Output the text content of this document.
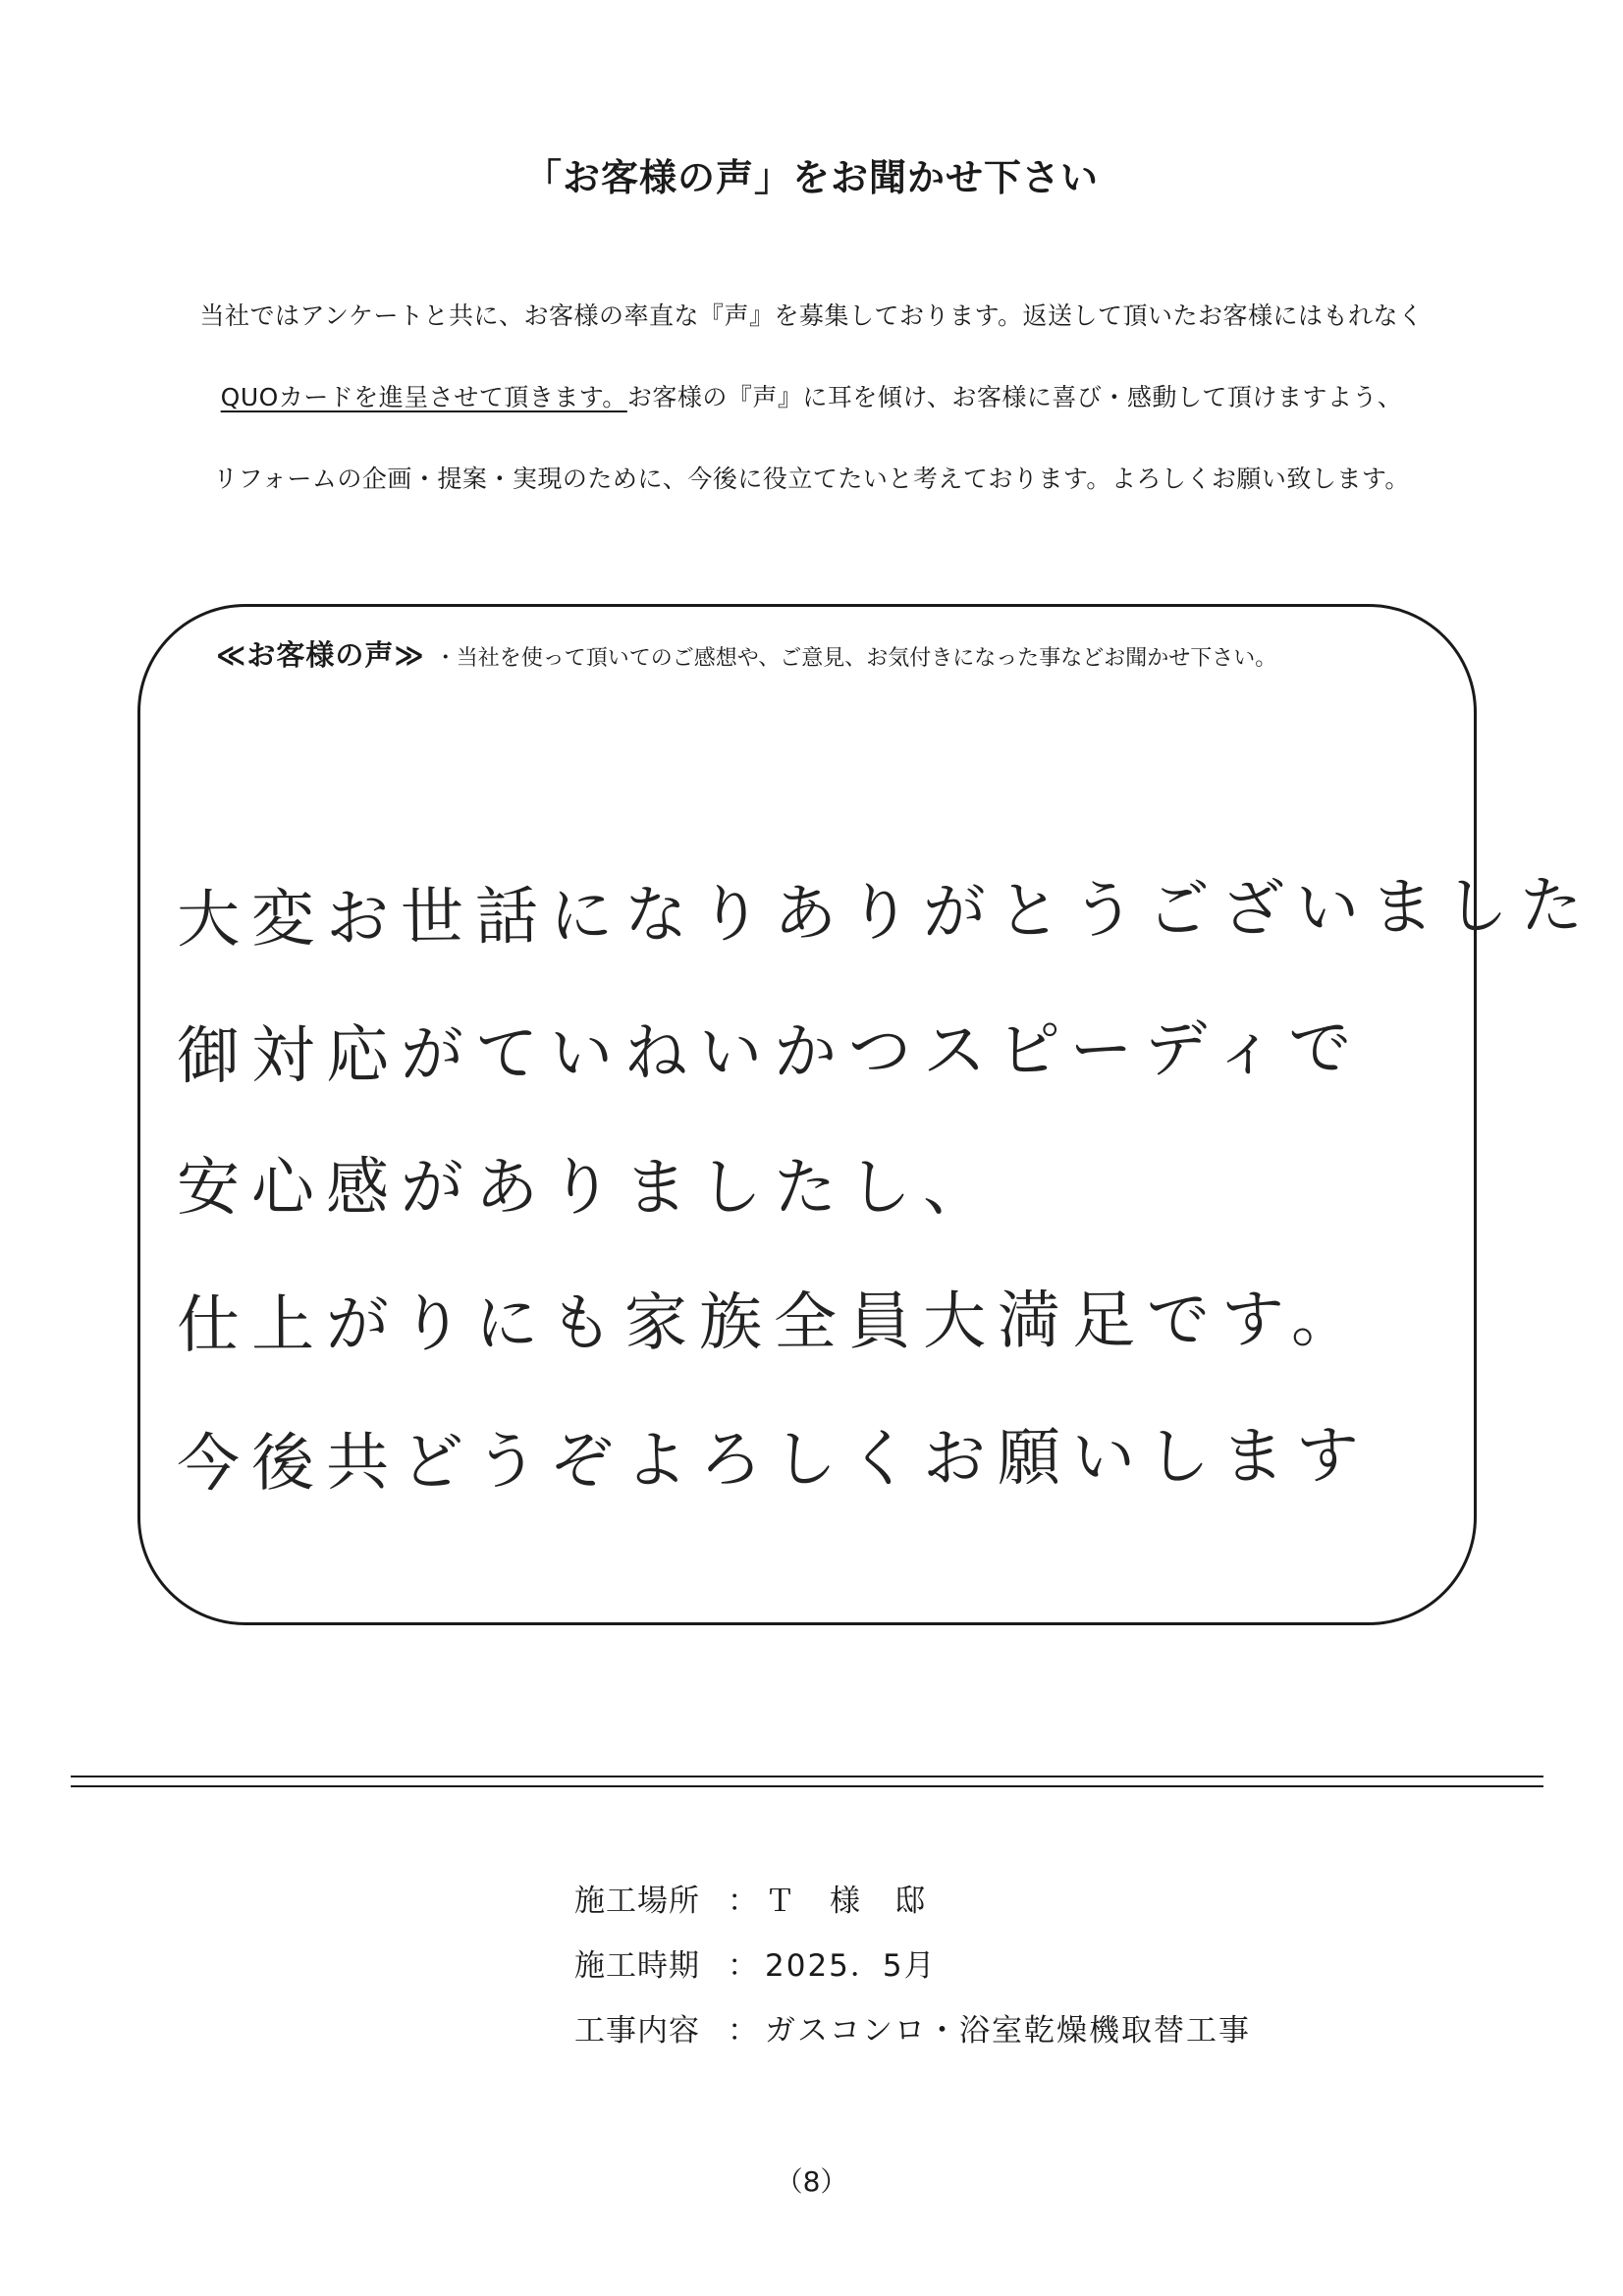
「お客様の声」をお聞かせ下さい
当社ではアンケートと共に、お客様の率直な『声』を募集しております。返送して頂いたお客様にはもれなく
QUOカードを進呈させて頂きます。お客様の『声』に耳を傾け、お客様に喜び・感動して頂けますよう、
リフォームの企画・提案・実現のために、今後に役立てたいと考えております。よろしくお願い致します。
≪お客様の声≫ ・当社を使って頂いてのご感想や、ご意見、お気付きになった事などお聞かせ下さい。
大変お世話になりありがとうございました
御対応がていねいかつスピーディで
安心感がありましたし、
仕上がりにも家族全員大満足です。
今後共どうぞよろしくお願いします
施工場所 ： Ｔ　様　邸
施工時期 ： 2025．5月
工事内容 ： ガスコンロ・浴室乾燥機取替工事
（8）
